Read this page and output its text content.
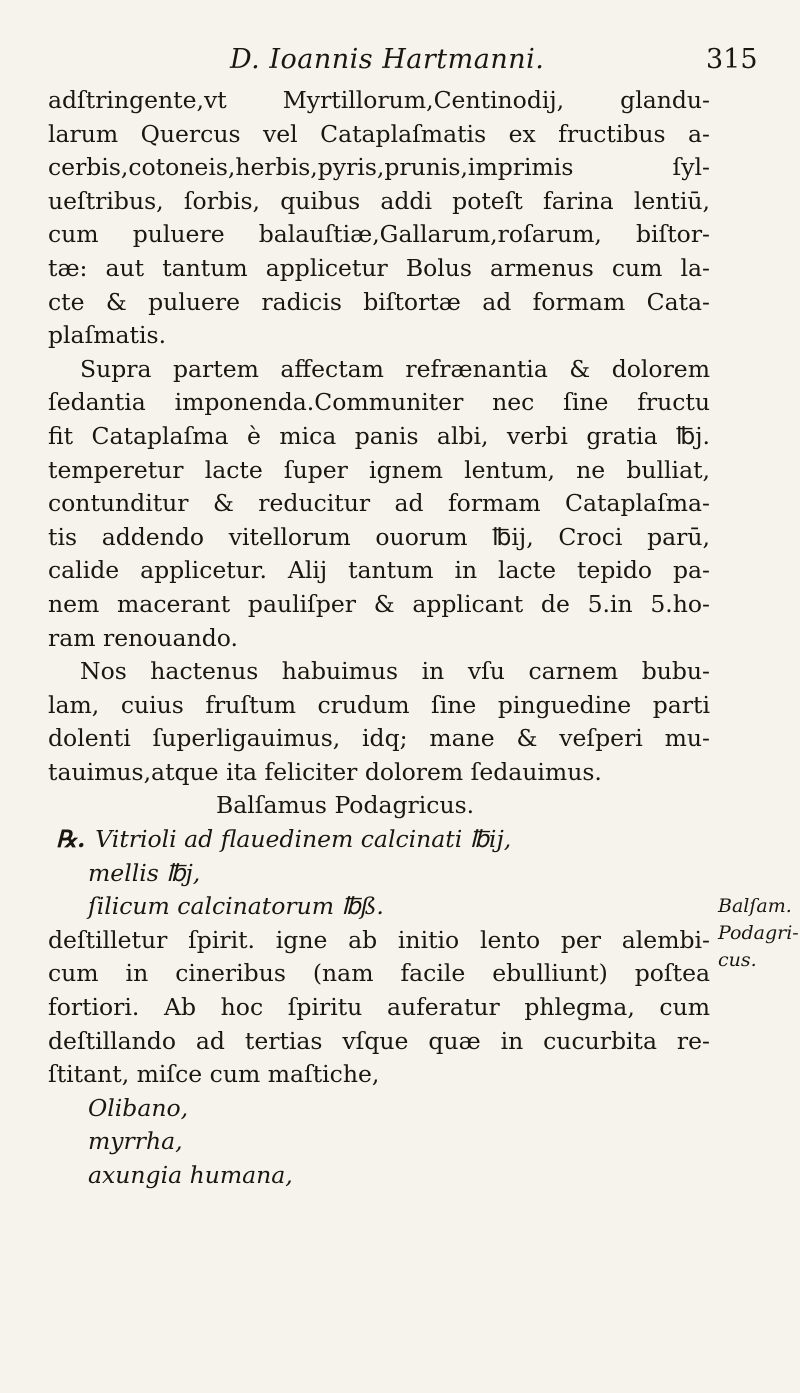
D. Ioannis Hartmanni.	315
adſtringente,vt Myrtillorum,Centinodij, glandu-
larum Quercus vel Cataplaſmatis ex fructibus a-
cerbis,cotoneis,herbis,pyris,prunis,imprimis ſyl-
ueſtribus, ſorbis, quibus addi poteſt farina lentiū,
cum puluere balauſtiæ,Gallarum,roſarum, biſtor-
tæ: aut tantum applicetur Bolus armenus cum la-
cte & puluere radicis biſtortæ ad formam Cata-
plaſmatis.
Supra partem affectam refrænantia & dolorem
ſedantia imponenda.Communiter nec ſine fructu
fit Cataplaſma è mica panis albi, verbi gratia ℔j.
temperetur lacte ſuper ignem lentum, ne bulliat,
contunditur & reducitur ad formam Cataplaſma-
tis addendo vitellorum ouorum ℔ij, Croci parū,
calide applicetur. Alij tantum in lacte tepido pa-
nem macerant pauliſper & applicant de 5.in 5.ho-
ram renouando.
Nos hactenus habuimus in vſu carnem bubu-
lam, cuius fruſtum crudum ſine pinguedine parti
dolenti ſuperligauimus, idq; mane & veſperi mu-
tauimus,atque ita feliciter dolorem ſedauimus.
Balſamus Podagricus.
℞. Vitrioli ad flauedinem calcinati ℔ij,
mellis ℔j,
ſilicum calcinatorum ℔ß.
deſtilletur ſpirit. igne ab initio lento per alembi-
cum in cineribus (nam facile ebulliunt) poſtea
fortiori. Ab hoc ſpiritu auferatur phlegma, cum
deſtillando ad tertias vſque quæ in cucurbita re-
ſtitant, miſce cum maſtiche,
Olibano,
myrrha,
axungia humana,
Balſam.
Podagri-
cus.
